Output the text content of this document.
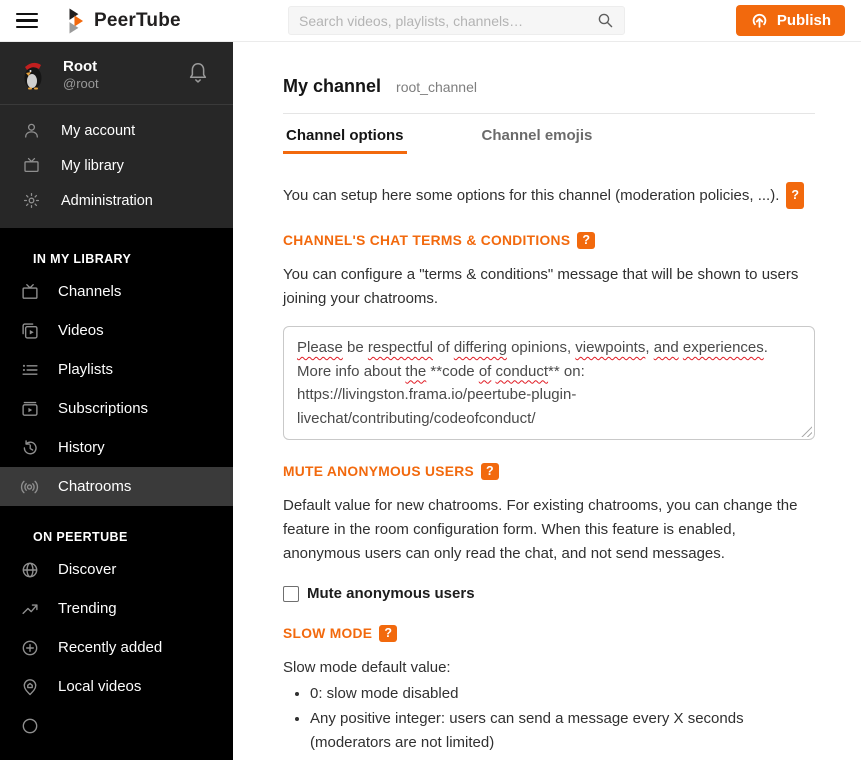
PeerTube
Search videos, playlists, channels…	Publish
Root
@root
My account
My library
Administration
IN MY LIBRARY
Channels
Videos
Playlists
Subscriptions
History
Chatrooms
ON PEERTUBE
Discover
Trending
Recently added
Local videos
My channel root_channel
Channel options	Channel emojis

You can setup here some options for this channel (moderation policies, ...). ?

CHANNEL'S CHAT TERMS & CONDITIONS ?

You can configure a "terms & conditions" message that will be shown to users joining your chatrooms.

Please be respectful of differing opinions, viewpoints, and experiences.
More info about the **code of conduct** on: https://livingston.frama.io/peertube-plugin-livechat/contributing/codeofconduct/
MUTE ANONYMOUS USERS ?

Default value for new chatrooms. For existing chatrooms, you can change the feature in the room configuration form. When this feature is enabled, anonymous users can only read the chat, and not send messages.

Mute anonymous users
SLOW MODE ?

Slow mode default value:

• 0: slow mode disabled
• Any positive integer: users can send a message every X seconds (moderators are not limited)
